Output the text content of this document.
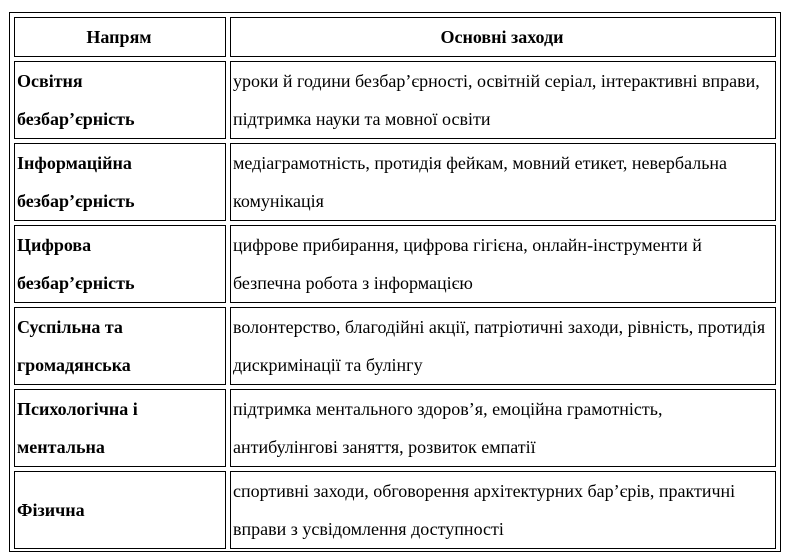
Напрям	Основні заходи
Освітня
безбар’єрність	уроки й години безбар’єрності, освітній серіал, інтерактивні вправи, підтримка науки та мовної освіти
Інформаційна
безбар’єрність	медіаграмотність, протидія фейкам, мовний етикет, невербальна комунікація
Цифрова
безбар’єрність	цифрове прибирання, цифрова гігієна, онлайн-інструменти й безпечна робота з інформацією
Суспільна та
громадянська	волонтерство, благодійні акції, патріотичні заходи, рівність, протидія дискримінації та булінгу
Психологічна і
ментальна	підтримка ментального здоров’я, емоційна грамотність, антибулінгові заняття, розвиток емпатії
Фізична	спортивні заходи, обговорення архітектурних бар’єрів, практичні вправи з усвідомлення доступності
